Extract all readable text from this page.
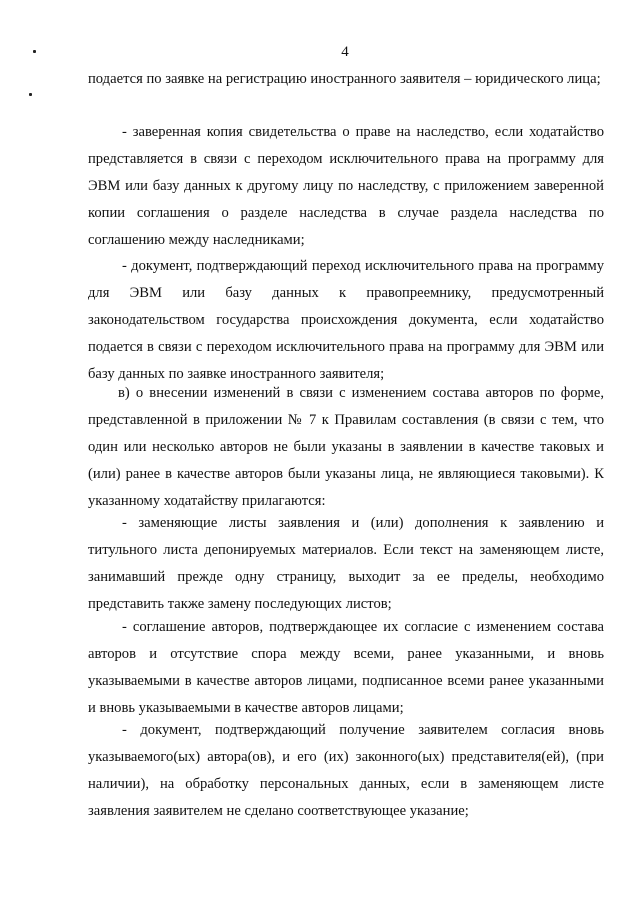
4

подается по заявке на регистрацию иностранного заявителя – юридического лица;

- заверенная копия свидетельства о праве на наследство, если ходатайство представляется в связи с переходом исключительного права на программу для ЭВМ или базу данных к другому лицу по наследству, с приложением заверенной копии соглашения о разделе наследства в случае раздела наследства по соглашению между наследниками;

- документ, подтверждающий переход исключительного права на программу для ЭВМ или базу данных к правопреемнику, предусмотренный законодательством государства происхождения документа, если ходатайство подается в связи с переходом исключительного права на программу для ЭВМ или базу данных по заявке иностранного заявителя;

в) о внесении изменений в связи с изменением состава авторов по форме, представленной в приложении № 7 к Правилам составления (в связи с тем, что один или несколько авторов не были указаны в заявлении в качестве таковых и (или) ранее в качестве авторов были указаны лица, не являющиеся таковыми). К указанному ходатайству прилагаются:

- заменяющие листы заявления и (или) дополнения к заявлению и титульного листа депонируемых материалов. Если текст на заменяющем листе, занимавший прежде одну страницу, выходит за ее пределы, необходимо представить также замену последующих листов;

- соглашение авторов, подтверждающее их согласие с изменением состава авторов и отсутствие спора между всеми, ранее указанными, и вновь указываемыми в качестве авторов лицами, подписанное всеми ранее указанными и вновь указываемыми в качестве авторов лицами;

- документ, подтверждающий получение заявителем согласия вновь указываемого(ых) автора(ов), и его (их) законного(ых) представителя(ей), (при наличии), на обработку персональных данных, если в заменяющем листе заявления заявителем не сделано соответствующее указание;
